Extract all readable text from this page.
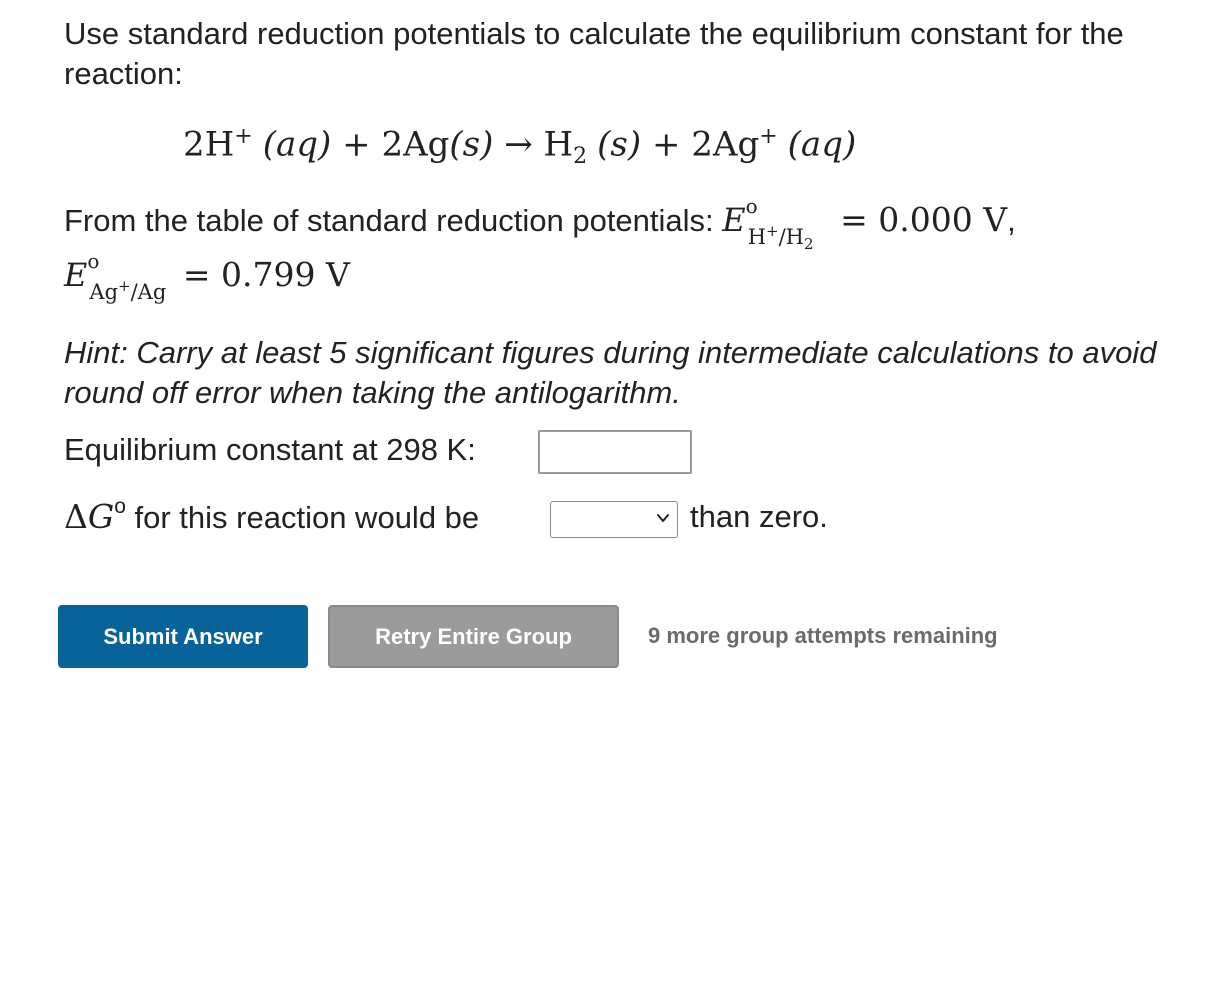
Use standard reduction potentials to calculate the equilibrium constant for the reaction:
2H+ $(aq) + 2Ag(s) \to H_2$ (s) + 2Ag+ (aq)
From the table of standard reduction potentials: $E^o_{H^+/H_2} = 0.000$ V,
$E^o_{Ag^+/Ag} = 0.799$ V
Hint: Carry at least 5 significant figures during intermediate calculations to avoid round off error when taking the antilogarithm.
Equilibrium constant at 298 K:
$\Delta G^o$ for this reaction would be	than zero.
Submit Answer	Retry Entire Group	9 more group attempts remaining
